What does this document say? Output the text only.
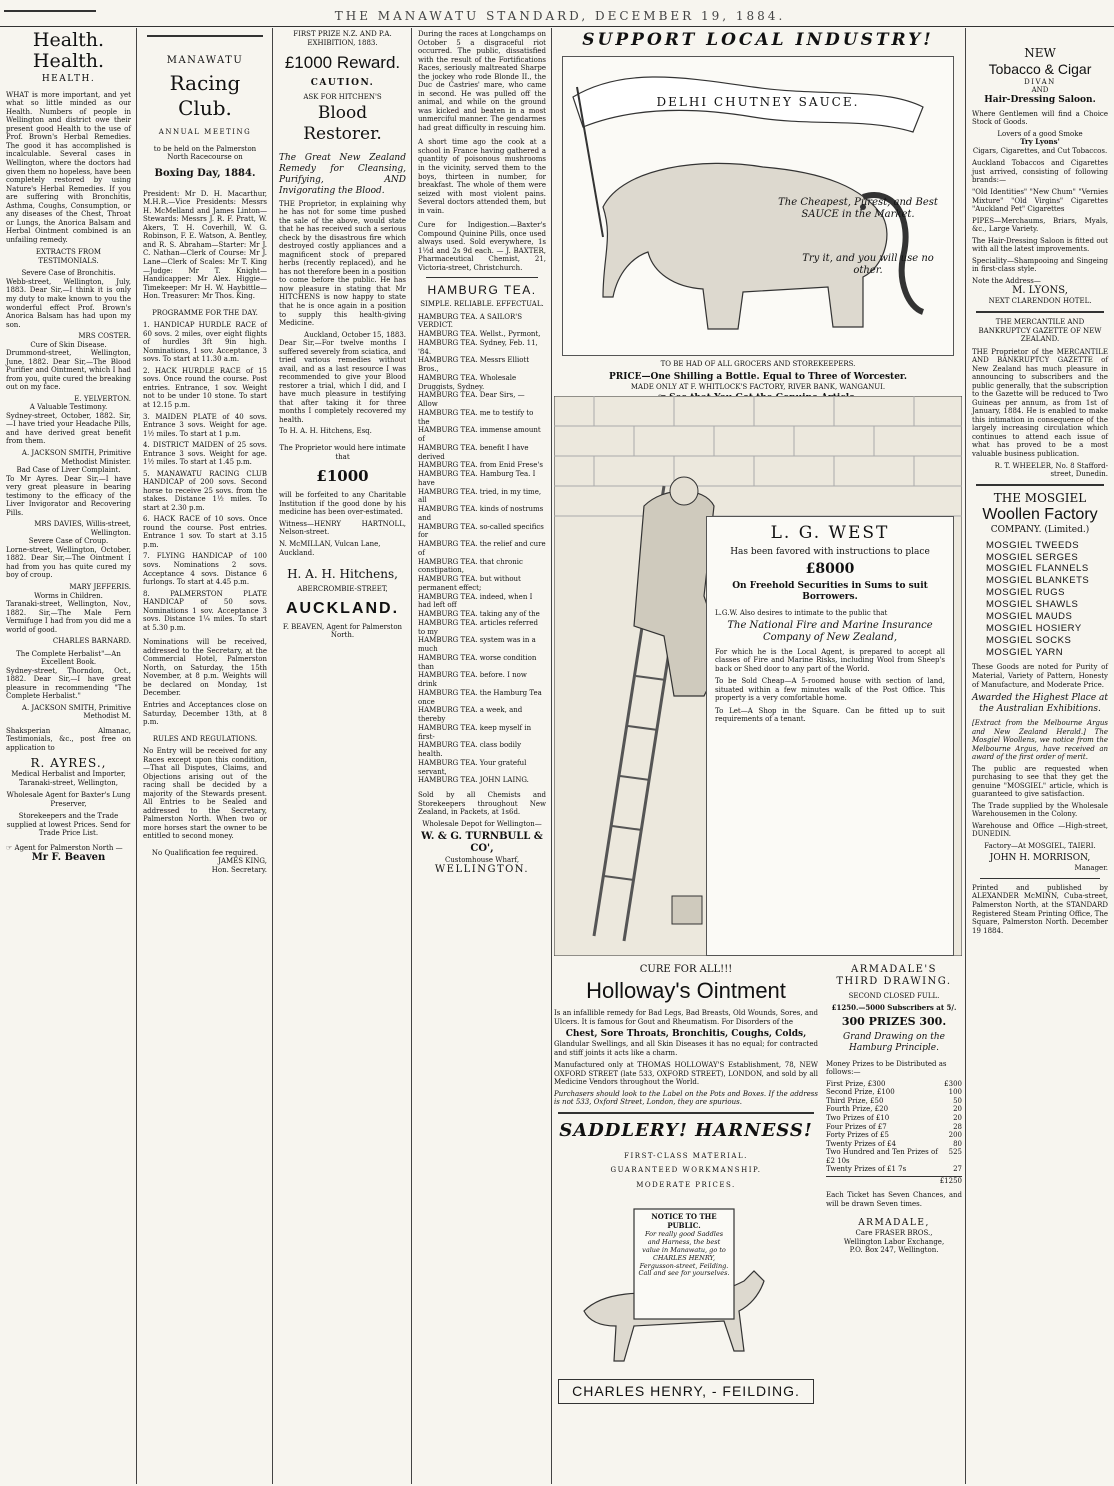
THE MANAWATU STANDARD, DECEMBER 19, 1884.
Health. Health.
HEALTH.

WHAT is more important, and yet what so little minded as our Health. Numbers of people in Wellington and district owe their present good Health to the use of Prof. Brown's Herbal Remedies. The good it has accomplished is incalculable. Several cases in Wellington, where the doctors had given them no hopeless, have been completely restored by using Nature's Herbal Remedies. If you are suffering with Bronchitis, Asthma, Coughs, Consumption, or any diseases of the Chest, Throat or Lungs, the Anorica Balsam and Herbal Ointment combined is an unfailing remedy.

EXTRACTS FROM TESTIMONIALS.
Severe Case of Bronchitis.

Webb-street, Wellington, July, 1883. Dear Sir,—I think it is only my duty to make known to you the wonderful effect Prof. Brown's Anorica Balsam has had upon my son.

MRS COSTER.
Cure of Skin Disease.

Drummond-street, Wellington, June, 1882. Dear Sir,—The Blood Purifier and Ointment, which I had from you, quite cured the breaking out on my face.

E. YELVERTON.
A Valuable Testimony.

Sydney-street, October, 1882. Sir,—I have tried your Headache Pills, and have derived great benefit from them.

A. JACKSON SMITH, Primitive Methodist Minister.
Bad Case of Liver Complaint.

To Mr Ayres. Dear Sir,—I have very great pleasure in bearing testimony to the efficacy of the Liver Invigorator and Recovering Pills.

MRS DAVIES, Willis-street, Wellington.
Severe Case of Croup.

Lorne-street, Wellington, October, 1882. Dear Sir,—The Ointment I had from you has quite cured my boy of croup.

MARY JEFFERIS.
Worms in Children.

Taranaki-street, Wellington, Nov., 1882. Sir,—The Male Fern Vermifuge I had from you did me a world of good.

CHARLES BARNARD.
The Complete Herbalist"—An Excellent Book.

Sydney-street, Thorndon, Oct., 1882. Dear Sir,—I have great pleasure in recommending "The Complete Herbalist."

A. JACKSON SMITH, Primitive Methodist M.

Shaksperian Almanac, Testimonials, &c., post free on application to

R. AYRES.,
Medical Herbalist and Importer, Taranaki-street, Wellington,
Wholesale Agent for Baxter's Lung Preserver,
Storekeepers and the Trade supplied at lowest Prices. Send for Trade Price List.
☞ Agent for Palmerston North —
Mr F. Beaven
MANAWATU
Racing Club.
ANNUAL MEETING
to be held on the Palmerston North Racecourse on
Boxing Day, 1884.

President: Mr D. H. Macarthur, M.H.R.—Vice Presidents: Messrs H. McMelland and James Linton—Stewards: Messrs J. R. F. Pratt, W. Akers, T. H. Coverhill, W. G. Robinson, F. E. Watson, A. Bentley, and R. S. Abraham—Starter: Mr J. C. Nathan—Clerk of Course: Mr J. Lane—Clerk of Scales: Mr T. King—Judge: Mr T. Knight—Handicapper: Mr Alex. Higgie—Timekeeper: Mr H. W. Haybittle—Hon. Treasurer: Mr Thos. King.

PROGRAMME FOR THE DAY.

1. HANDICAP HURDLE RACE of 60 sovs. 2 miles, over eight flights of hurdles 3ft 9in high. Nominations, 1 sov. Acceptance, 3 sovs. To start at 11.30 a.m.

2. HACK HURDLE RACE of 15 sovs. Once round the course. Post entries. Entrance, 1 sov. Weight not to be under 10 stone. To start at 12.15 p.m.

3. MAIDEN PLATE of 40 sovs. Entrance 3 sovs. Weight for age. 1½ miles. To start at 1 p.m.

4. DISTRICT MAIDEN of 25 sovs. Entrance 3 sovs. Weight for age. 1½ miles. To start at 1.45 p.m.

5. MANAWATU RACING CLUB HANDICAP of 200 sovs. Second horse to receive 25 sovs. from the stakes. Distance 1½ miles. To start at 2.30 p.m.

6. HACK RACE of 10 sovs. Once round the course. Post entries. Entrance 1 sov. To start at 3.15 p.m.

7. FLYING HANDICAP of 100 sovs. Nominations 2 sovs. Acceptance 4 sovs. Distance 6 furlongs. To start at 4.45 p.m.

8. PALMERSTON PLATE HANDICAP of 50 sovs. Nominations 1 sov. Acceptance 3 sovs. Distance 1¼ miles. To start at 5.30 p.m.

Nominations will be received, addressed to the Secretary, at the Commercial Hotel, Palmerston North, on Saturday, the 15th November, at 8 p.m. Weights will be declared on Monday, 1st December.

Entries and Acceptances close on Saturday, December 13th, at 8 p.m.

RULES AND REGULATIONS.

No Entry will be received for any Races except upon this condition,—That all Disputes, Claims, and Objections arising out of the racing shall be decided by a majority of the Stewards present. All Entries to be Sealed and addressed to the Secretary, Palmerston North. When two or more horses start the owner to be entitled to second money.

No Qualification fee required.
JAMES KING,
Hon. Secretary.
FIRST PRIZE N.Z. AND P.A. EXHIBITION, 1883.
£1000 Reward.
CAUTION.
ASK FOR HITCHEN'S
Blood Restorer.

The Great New Zealand Remedy for Cleansing, Purifying, AND Invigorating the Blood.

THE Proprietor, in explaining why he has not for some time pushed the sale of the above, would state that he has received such a serious check by the disastrous fire which destroyed costly appliances and a magnificent stock of prepared herbs (recently replaced), and he has not therefore been in a position to come before the public. He has now pleasure in stating that Mr HITCHENS is now happy to state that he is once again in a position to supply this health-giving Medicine.

Auckland, October 15, 1883.

Dear Sir,—For twelve months I suffered severely from sciatica, and tried various remedies without avail, and as a last resource I was recommended to give your Blood restorer a trial, which I did, and I have much pleasure in testifying that after taking it for three months I completely recovered my health.

To H. A. H. Hitchens, Esq.
The Proprietor would here intimate that
£1000

will be forfeited to any Charitable Institution if the good done by his medicine has been over-estimated.

Witness—HENRY HARTNOLL, Nelson-street.

N. McMILLAN, Vulcan Lane, Auckland.
H. A. H. Hitchens,
ABERCROMBIE-STREET,
AUCKLAND.
F. BEAVEN, Agent for Palmerston North.

During the races at Longchamps on October 5 a disgraceful riot occurred. The public, dissatisfied with the result of the Fortifications Races, seriously maltreated Sharpe the jockey who rode Blonde II., the Duc de Castries' mare, who came in second. He was pulled off the animal, and while on the ground was kicked and beaten in a most unmerciful manner. The gendarmes had great difficulty in rescuing him.

A short time ago the cook at a school in France having gathered a quantity of poisonous mushrooms in the vicinity, served them to the boys, thirteen in number, for breakfast. The whole of them were seized with most violent pains. Several doctors attended them, but in vain.

Cure for Indigestion.—Baxter's Compound Quinine Pills, once used always used. Sold everywhere, 1s 1½d and 2s 9d each. — J. BAXTER, Pharmaceutical Chemist, 21, Victoria-street, Christchurch.

HAMBURG TEA.
SIMPLE. RELIABLE. EFFECTUAL.
HAMBURG TEA. A SAILOR'S VERDICT.
HAMBURG TEA. Wellst., Pyrmont,
HAMBURG TEA. Sydney, Feb. 11, '84.
HAMBURG TEA. Messrs Elliott Bros.,
HAMBURG TEA. Wholesale Druggists, Sydney.
HAMBURG TEA. Dear Sirs, — Allow
HAMBURG TEA. me to testify to the
HAMBURG TEA. immense amount of
HAMBURG TEA. benefit I have derived
HAMBURG TEA. from Enid Frese's
HAMBURG TEA. Hamburg Tea. I have
HAMBURG TEA. tried, in my time, all
HAMBURG TEA. kinds of nostrums and
HAMBURG TEA. so-called specifics for
HAMBURG TEA. the relief and cure of
HAMBURG TEA. that chronic constipation,
HAMBURG TEA. but without permanent effect;
HAMBURG TEA. indeed, when I had left off
HAMBURG TEA. taking any of the
HAMBURG TEA. articles referred to my
HAMBURG TEA. system was in a much
HAMBURG TEA. worse condition than
HAMBURG TEA. before. I now drink
HAMBURG TEA. the Hamburg Tea once
HAMBURG TEA. a week, and thereby
HAMBURG TEA. keep myself in first-
HAMBURG TEA. class bodily health.
HAMBURG TEA. Your grateful servant,
HAMBURG TEA. JOHN LAING.

Sold by all Chemists and Storekeepers throughout New Zealand, in Packets, at 1s6d.

Wholesale Depot for Wellington—
W. & G. TURNBULL & CO',
Customhouse Wharf,
WELLINGTON.
SUPPORT LOCAL INDUSTRY!
DELHI CHUTNEY SAUCE.
The Cheapest, Purest, and Best SAUCE in the Market.
Try it, and you will use no other.
TO BE HAD OF ALL GROCERS AND STOREKEEPERS.
PRICE—One Shilling a Bottle. Equal to Three of Worcester.
MADE ONLY AT F. WHITLOCK'S FACTORY, RIVER BANK, WANGANUI.
L. G. WEST
Has been favored with instructions to place
£8000
On Freehold Securities in Sums to suit Borrowers.
L.G.W. Also desires to intimate to the public that
The National Fire and Marine Insurance Company of New Zealand,

For which he is the Local Agent, is prepared to accept all classes of Fire and Marine Risks, including Wool from Sheep's back or Shed door to any part of the World.

To be Sold Cheap—A 5-roomed house with section of land, situated within a few minutes walk of the Post Office. This property is a very comfortable home.

To Let—A Shop in the Square. Can be fitted up to suit requirements of a tenant.

CURE FOR ALL!!!
Holloway's Ointment

Is an infallible remedy for Bad Legs, Bad Breasts, Old Wounds, Sores, and Ulcers. It is famous for Gout and Rheumatism. For Disorders of the

Chest, Sore Throats, Bronchitis, Coughs, Colds,

Glandular Swellings, and all Skin Diseases it has no equal; for contracted and stiff joints it acts like a charm.

Manufactured only at THOMAS HOLLOWAY'S Establishment, 78, NEW OXFORD STREET (late 533, OXFORD STREET), LONDON, and sold by all Medicine Vendors throughout the World.

Purchasers should look to the Label on the Pots and Boxes. If the address is not 533, Oxford Street, London, they are spurious.

SADDLERY! HARNESS!
FIRST-CLASS MATERIAL.
GUARANTEED WORKMANSHIP.
MODERATE PRICES.
NOTICE TO THE PUBLIC.
For really good Saddles and Harness, the best value in Manawatu, go to CHARLES HENRY, Fergusson-street, Feilding. Call and see for yourselves.
CHARLES HENRY, - FEILDING.
ARMADALE'S
THIRD DRAWING.
SECOND CLOSED FULL.
£1250.—5000 Subscribers at 5/.
300 PRIZES 300.
Grand Drawing on the Hamburg Principle.
Money Prizes to be Distributed as follows:—
First Prize, £300	£300
Second Prize, £100	100
Third Prize, £50	50
Fourth Prize, £20	20
Two Prizes of £10	20
Four Prizes of £7	28
Forty Prizes of £5	200
Twenty Prizes of £4	80
Two Hundred and Ten Prizes of £2 10s
525
Twenty Prizes of £1 7s	27
£1250

Each Ticket has Seven Chances, and will be drawn Seven times.

ARMADALE,
Care FRASER BROS.,
Wellington Labor Exchange,
P.O. Box 247, Wellington.
NEW
Tobacco & Cigar
DIVAN
AND
Hair-Dressing Saloon.

Where Gentlemen will find a Choice Stock of Goods.

Lovers of a good Smoke
Try Lyons'
Cigars, Cigarettes, and Cut Tobaccos.

Auckland Tobaccos and Cigarettes just arrived, consisting of following brands:—

"Old Identities" "New Chum" "Vernies Mixture" "Old Virgins" Cigarettes "Auckland Pet" Cigarettes

PIPES—Merchaums, Briars, Myals, &c., Large Variety.

The Hair-Dressing Saloon is fitted out with all the latest improvements.

Speciality—Shampooing and Singeing in first-class style.

Note the Address—
M. LYONS,
NEXT CLARENDON HOTEL.
THE MERCANTILE AND BANKRUPTCY GAZETTE OF NEW ZEALAND.

THE Proprietor of the MERCANTILE AND BANKRUPTCY GAZETTE of New Zealand has much pleasure in announcing to subscribers and the public generally, that the subscription to the Gazette will be reduced to Two Guineas per annum, as from 1st of January, 1884. He is enabled to make this intimation in consequence of the largely increasing circulation which continues to attend each issue of what has proved to be a most valuable business publication.

R. T. WHEELER, No. 8 Stafford-street, Dunedin.
THE MOSGIEL
Woollen Factory
COMPANY. (Limited.)
MOSGIEL TWEEDS
MOSGIEL SERGES
MOSGIEL FLANNELS
MOSGIEL BLANKETS
MOSGIEL RUGS
MOSGIEL SHAWLS
MOSGIEL MAUDS
MOSGIEL HOSIERY
MOSGIEL SOCKS
MOSGIEL YARN

These Goods are noted for Purity of Material, Variety of Pattern, Honesty of Manufacture, and Moderate Price.

Awarded the Highest Place at the Australian Exhibitions.

[Extract from the Melbourne Argus and New Zealand Herald.] The Mosgiel Woollens, we notice from the Melbourne Argus, have received an award of the first order of merit.

The public are requested when purchasing to see that they get the genuine "MOSGIEL" article, which is guaranteed to give satisfaction.

The Trade supplied by the Wholesale Warehousemen in the Colony.

Warehouse and Office —High-street, DUNEDIN.

Factory—At MOSGIEL, TAIERI.
JOHN H. MORRISON,
Manager.

Printed and published by ALEXANDER McMINN, Cuba-street, Palmerston North, at the STANDARD Registered Steam Printing Office, The Square, Palmerston North. December 19 1884.
